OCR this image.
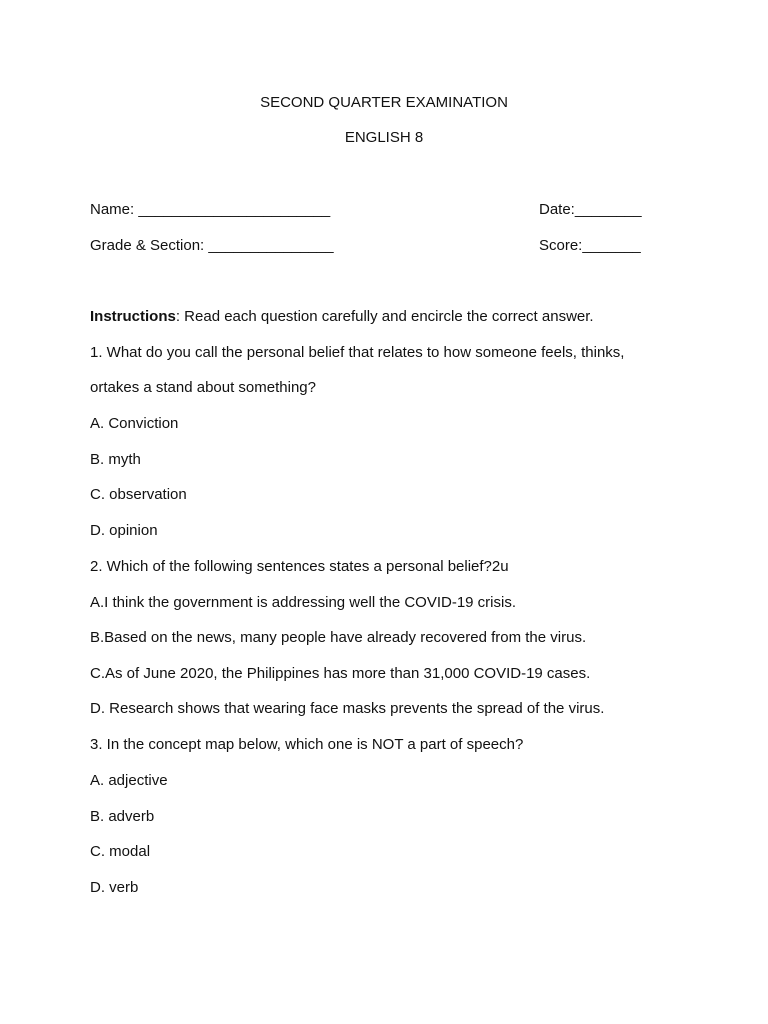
SECOND QUARTER EXAMINATION
ENGLISH 8
Name: _______________________	Date:________
Grade & Section: _______________	Score:_______
Instructions: Read each question carefully and encircle the correct answer.
1. What do you call the personal belief that relates to how someone feels, thinks,
ortakes a stand about something?
A. Conviction
B. myth
C. observation
D. opinion
2. Which of the following sentences states a personal belief?2u
A.I think the government is addressing well the COVID-19 crisis.
B.Based on the news, many people have already recovered from the virus.
C.As of June 2020, the Philippines has more than 31,000 COVID-19 cases.
D. Research shows that wearing face masks prevents the spread of the virus.
3. In the concept map below, which one is NOT a part of speech?
A. adjective
B. adverb
C. modal
D. verb
